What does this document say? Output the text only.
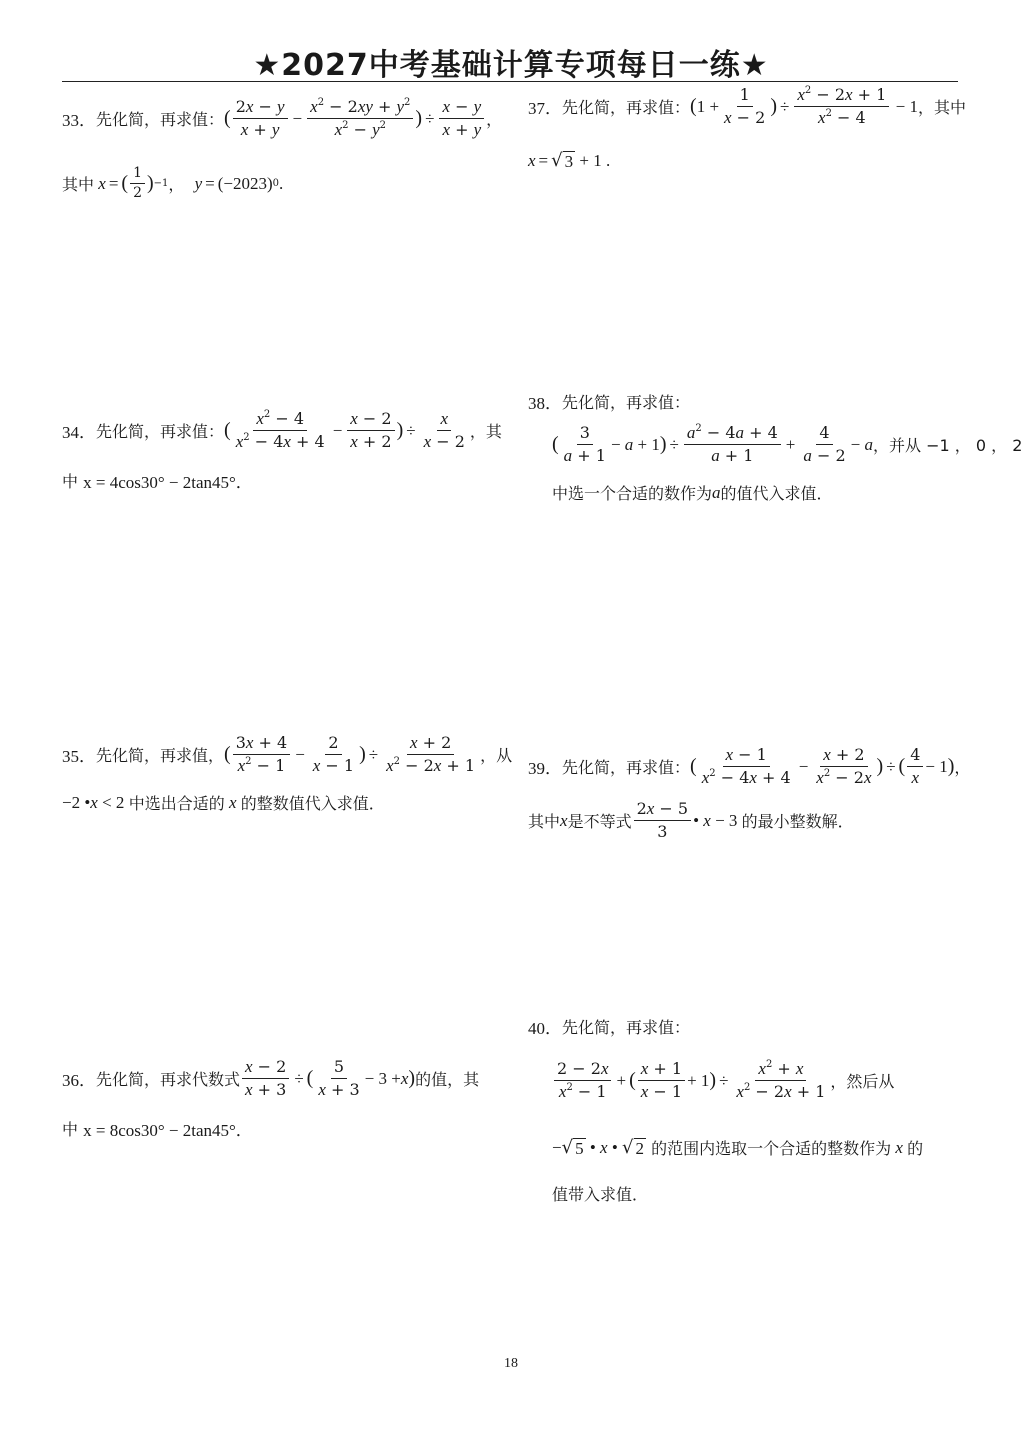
★2027中考基础计算专项每日一练★
33． 先化简，再求值： ( $\frac{2x - y}{x + y} - \frac{x^2 - 2xy + y^2}{x^2 - y^2}$ ) ÷ $\frac{x - y}{x + y}$ ，
其中 x = ( $\frac{1}{2}$ ) −1 ， y = (−2023) 0 .
34． 先化简，再求值： ( $\frac{x^2 - 4}{x^2 - 4x + 4} - \frac{x - 2}{x + 2}$ ) ÷ $\frac{x}{x - 2}$ ，其
中
x = 4cos30° − 2tan45°．
35． 先化简，再求值， ( $\frac{3x + 4}{x^2 - 1} - \frac{2}{x - 1}$ ) ÷ $\frac{x + 2}{x^2 - 2x + 1}$ ，从
−2 • x < 2 中选出合适的 x 的整数值代入求值．
36． 先化简，再求代数式 $\frac{x - 2}{x + 3}$ ÷ ( $\frac{5}{x + 3} - 3 + x$ ) 的值，其
中
x = 8cos30° − 2tan45°．
37． 先化简，再求值： ( $1 + \frac{1}{x - 2}$ ) ÷ $\frac{x^2 - 2x + 1}{x^2 - 4} - 1$ ，其中
x = √ 3 + 1 .
38． 先化简，再求值：
( $\frac{3}{a + 1} - a + 1$ ) ÷ $\frac{a^2 - 4a + 4}{a + 1} + \frac{4}{a - 2} - a$ ，并从 −1 ， 0 ， 2
中选一个合适的数作为 a 的值代入求值．
39． 先化简，再求值： ( $\frac{x - 1}{x^2 - 4x + 4} - \frac{x + 2}{x^2 - 2x}$ ) ÷ ( $\frac{4}{x} - 1$ ) ，
其中 x 是不等式 $\frac{2x - 5}{3}$ • x − 3 的最小整数解．
40． 先化简，再求值：
$\frac{2 - 2x}{x^2 - 1}$ + ( $\frac{x + 1}{x - 1} + 1$ ) ÷ $\frac{x^2 + x}{x^2 - 2x + 1}$ ，然后从
− √ 5 • x • √ 2
的范围内选取一个合适的整数作为 x 的
值带入求值．
18
